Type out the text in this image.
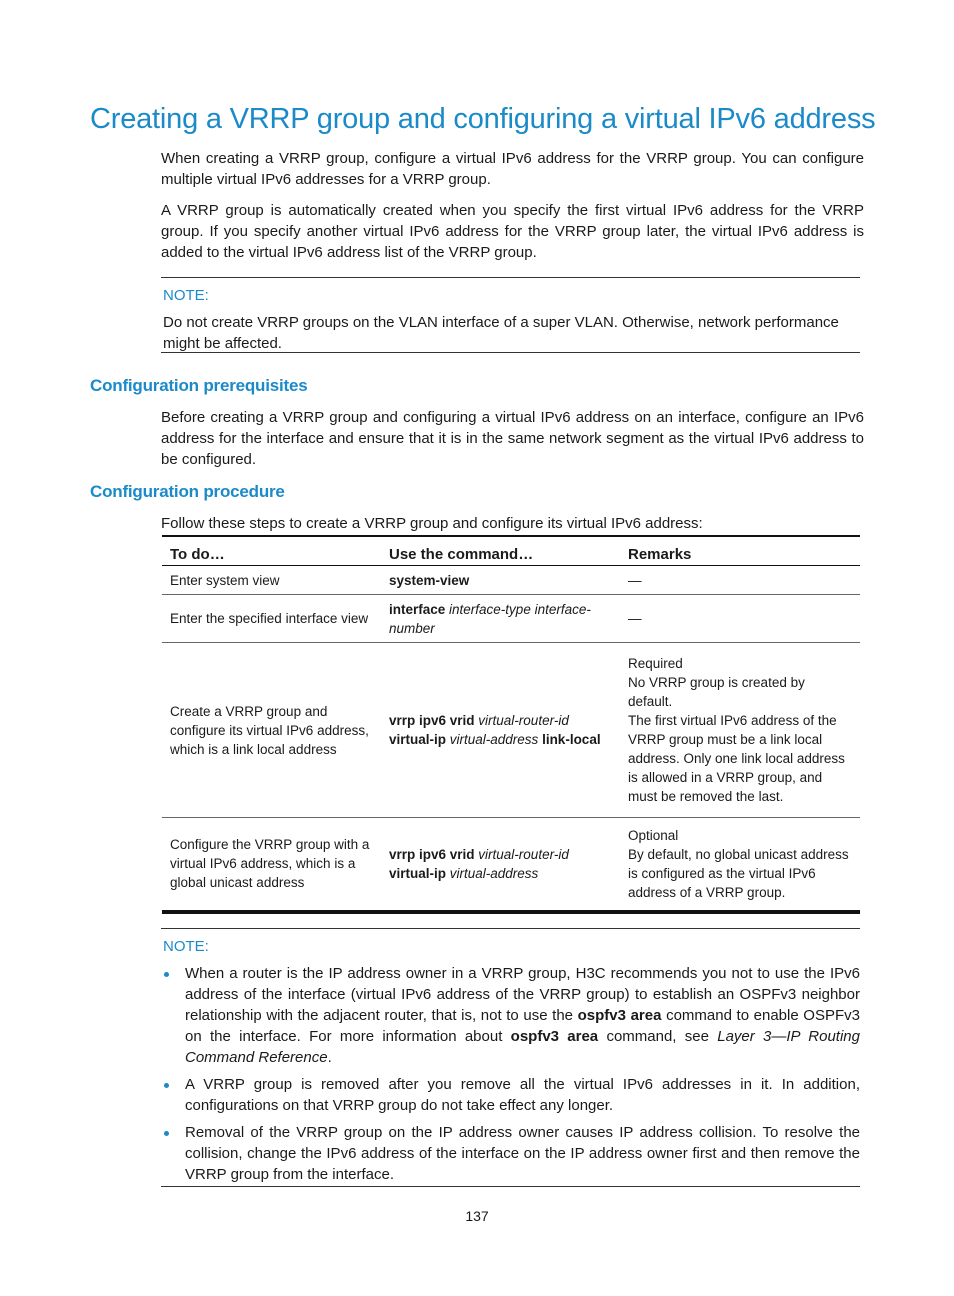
Creating a VRRP group and configuring a virtual IPv6 address

When creating a VRRP group, configure a virtual IPv6 address for the VRRP group. You can configure multiple virtual IPv6 addresses for a VRRP group.

A VRRP group is automatically created when you specify the first virtual IPv6 address for the VRRP group. If you specify another virtual IPv6 address for the VRRP group later, the virtual IPv6 address is added to the virtual IPv6 address list of the VRRP group.

NOTE:

Do not create VRRP groups on the VLAN interface of a super VLAN. Otherwise, network performance might be affected.

Configuration prerequisites

Before creating a VRRP group and configuring a virtual IPv6 address on an interface, configure an IPv6 address for the interface and ensure that it is in the same network segment as the virtual IPv6 address to be configured.

Configuration procedure

Follow these steps to create a VRRP group and configure its virtual IPv6 address:

To do…	Use the command…	Remarks
Enter system view	system-view	—

Enter the specified interface view	interface interface-type interface-number	—

Create a VRRP group and configure its virtual IPv6 address, which is a link local address	vrrp ipv6 vrid virtual-router-id virtual-ip virtual-address link-local	Required

No VRRP group is created by default.

The first virtual IPv6 address of the VRRP group must be a link local address. Only one link local address is allowed in a VRRP group, and must be removed the last.

Configure the VRRP group with a virtual IPv6 address, which is a global unicast address	vrrp ipv6 vrid virtual-router-id virtual-ip virtual-address	Optional

By default, no global unicast address is configured as the virtual IPv6 address of a VRRP group.

NOTE:

When a router is the IP address owner in a VRRP group, H3C recommends you not to use the IPv6 address of the interface (virtual IPv6 address of the VRRP group) to establish an OSPFv3 neighbor relationship with the adjacent router, that is, not to use the ospfv3 area command to enable OSPFv3 on the interface. For more information about ospfv3 area command, see Layer 3—IP Routing Command Reference.
A VRRP group is removed after you remove all the virtual IPv6 addresses in it. In addition, configurations on that VRRP group do not take effect any longer.
Removal of the VRRP group on the IP address owner causes IP address collision. To resolve the collision, change the IPv6 address of the interface on the IP address owner first and then remove the VRRP group from the interface.
137
